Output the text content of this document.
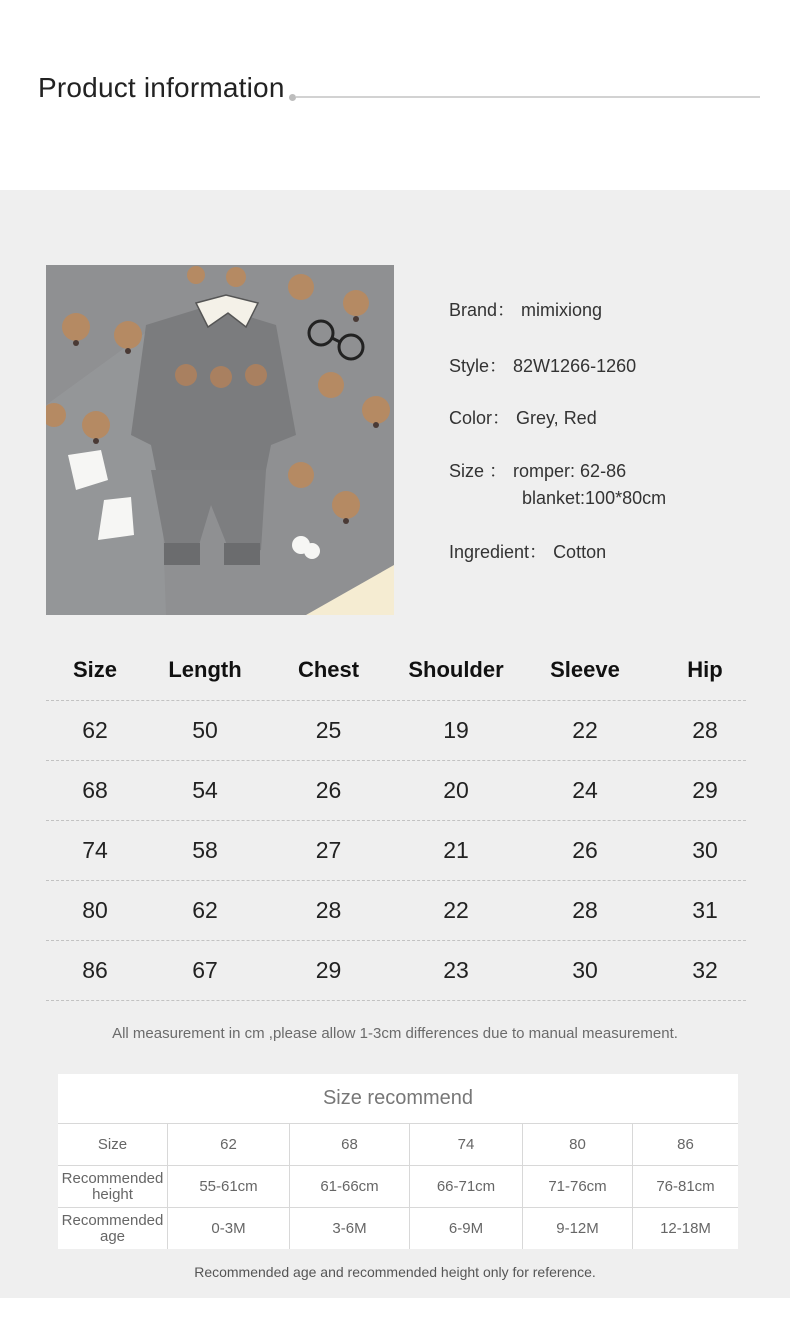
Product information
Brand： mimixiong
Style： 82W1266-1260
Color： Grey, Red
Size ： romper: 62-86
blanket:100*80cm
Ingredient： Cotton
Size	Length	Chest	Shoulder	Sleeve	Hip
62	50	25	19	22	28
68	54	26	20	24	29
74	58	27	21	26	30
80	62	28	22	28	31
86	67	29	23	30	32
All measurement in cm ,please allow 1-3cm differences due to manual measurement.
Size recommend
Size	62	68	74	80	86
Recommended height	55-61cm	61-66cm	66-71cm	71-76cm	76-81cm
Recommended age	0-3M	3-6M	6-9M	9-12M	12-18M
Recommended age and recommended height only for reference.
